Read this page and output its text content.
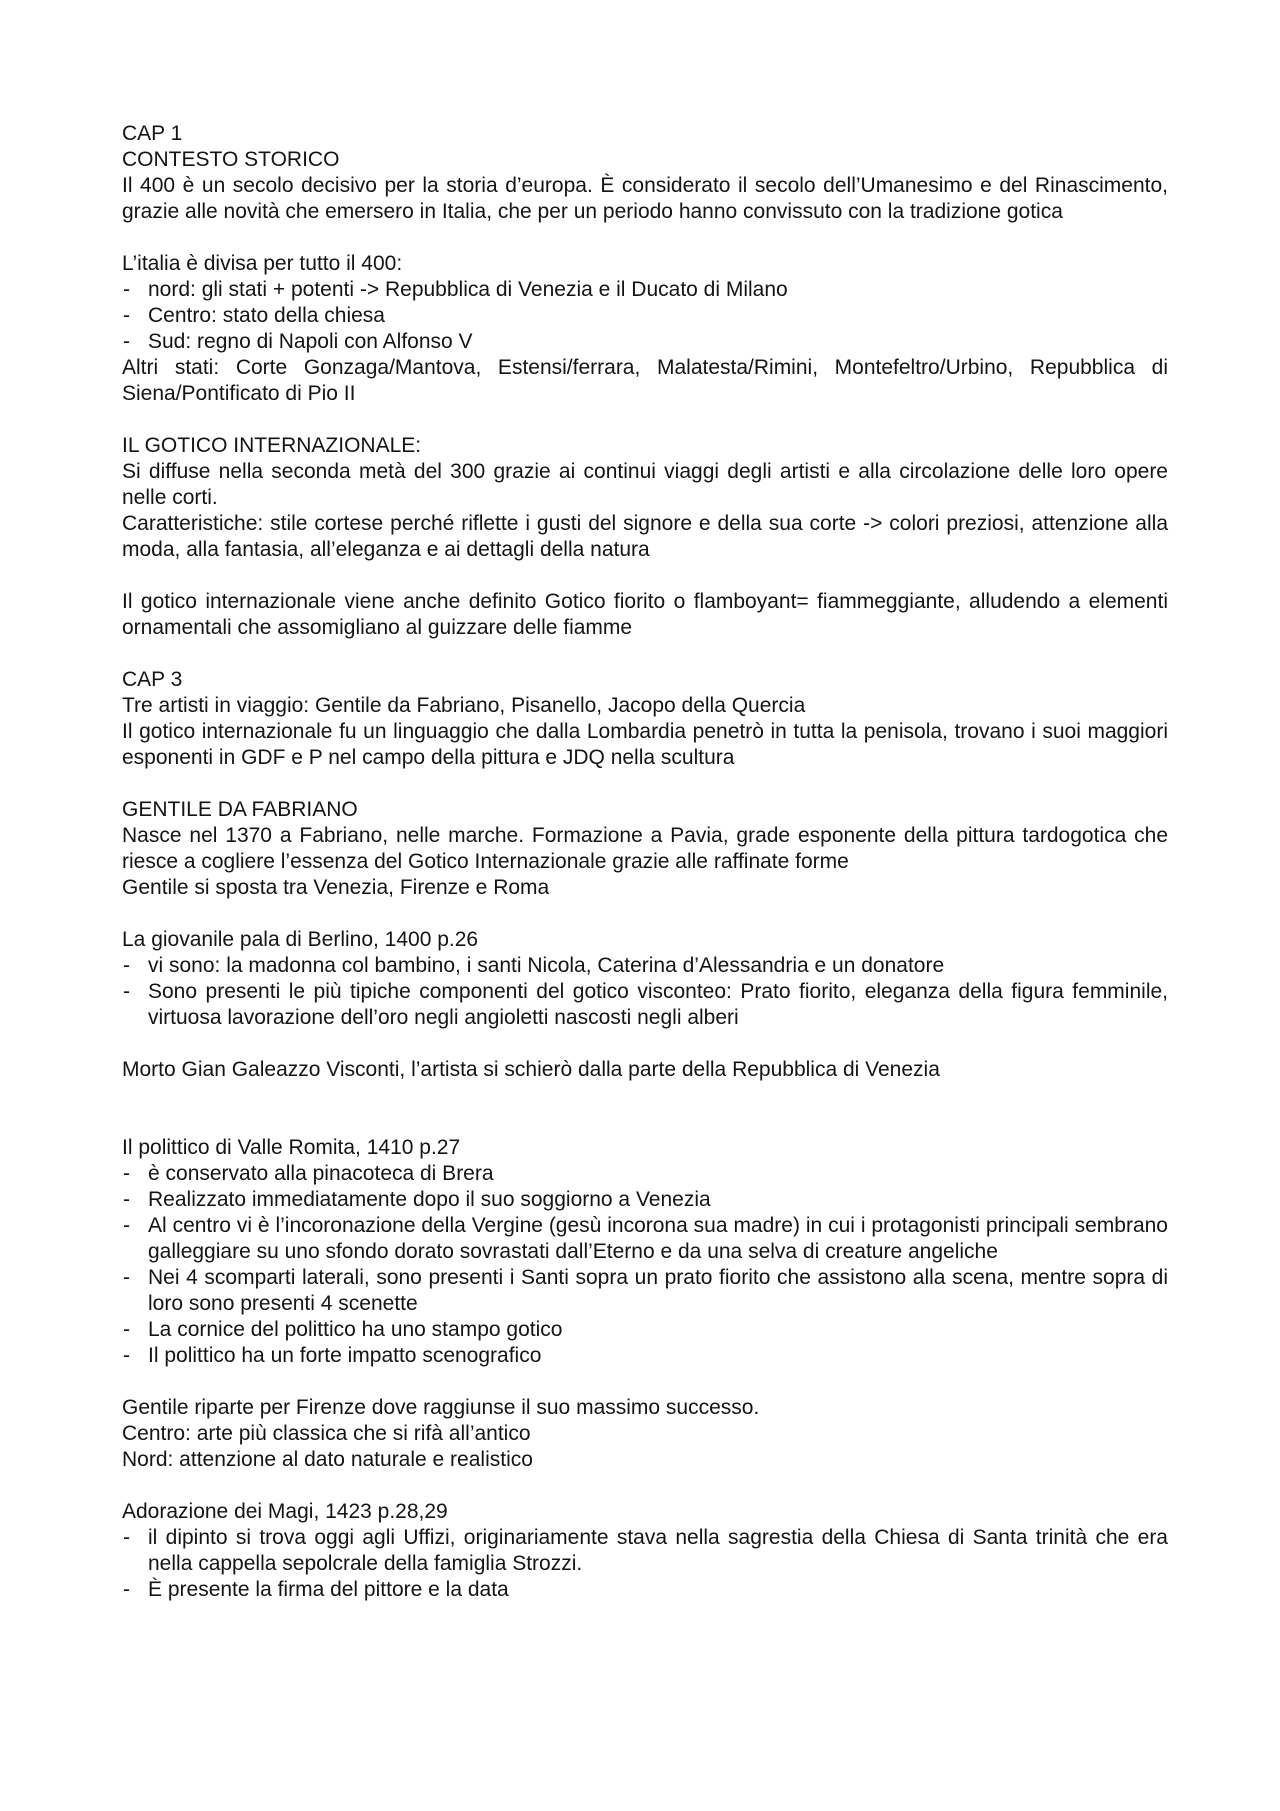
CAP 1
CONTESTO STORICO
Il 400 è un secolo decisivo per la storia d’europa. È considerato il secolo dell’Umanesimo e del Rinascimento, grazie alle novità che emersero in Italia, che per un periodo hanno convissuto con la tradizione gotica
L’italia è divisa per tutto il 400:
- nord: gli stati + potenti -> Repubblica di Venezia e il Ducato di Milano
- Centro: stato della chiesa
- Sud: regno di Napoli con Alfonso V
Altri stati: Corte Gonzaga/Mantova, Estensi/ferrara, Malatesta/Rimini, Montefeltro/Urbino, Repubblica di Siena/Pontificato di Pio II
IL GOTICO INTERNAZIONALE:
Si diffuse nella seconda metà del 300 grazie ai continui viaggi degli artisti e alla circolazione delle loro opere nelle corti.
Caratteristiche: stile cortese perché riflette i gusti del signore e della sua corte -> colori preziosi, attenzione alla moda, alla fantasia, all’eleganza e ai dettagli della natura
Il gotico internazionale viene anche definito Gotico fiorito o flamboyant= fiammeggiante, alludendo a elementi ornamentali che assomigliano al guizzare delle fiamme
CAP 3
Tre artisti in viaggio: Gentile da Fabriano, Pisanello, Jacopo della Quercia
Il gotico internazionale fu un linguaggio che dalla Lombardia penetrò in tutta la penisola, trovano i suoi maggiori esponenti in GDF e P nel campo della pittura e JDQ nella scultura
GENTILE DA FABRIANO
Nasce nel 1370 a Fabriano, nelle marche. Formazione a Pavia, grade esponente della pittura tardogotica che riesce a cogliere l’essenza del Gotico Internazionale grazie alle raffinate forme
Gentile si sposta tra Venezia, Firenze e Roma
La giovanile pala di Berlino, 1400 p.26
- vi sono: la madonna col bambino, i santi Nicola, Caterina d’Alessandria e un donatore
- Sono presenti le più tipiche componenti del gotico visconteo: Prato fiorito, eleganza della figura femminile, virtuosa lavorazione dell’oro negli angioletti nascosti negli alberi
Morto Gian Galeazzo Visconti, l’artista si schierò dalla parte della Repubblica di Venezia
Il polittico di Valle Romita, 1410 p.27
- è conservato alla pinacoteca di Brera
- Realizzato immediatamente dopo il suo soggiorno a Venezia
- Al centro vi è l’incoronazione della Vergine (gesù incorona sua madre) in cui i protagonisti principali sembrano galleggiare su uno sfondo dorato sovrastati dall’Eterno e da una selva di creature angeliche
- Nei 4 scomparti laterali, sono presenti i Santi sopra un prato fiorito che assistono alla scena, mentre sopra di loro sono presenti 4 scenette
- La cornice del polittico ha uno stampo gotico
- Il polittico ha un forte impatto scenografico
Gentile riparte per Firenze dove raggiunse il suo massimo successo.
Centro: arte più classica che si rifà all’antico
Nord: attenzione al dato naturale e realistico
Adorazione dei Magi, 1423 p.28,29
- il dipinto si trova oggi agli Uffizi, originariamente stava nella sagrestia della Chiesa di Santa trinità che era nella cappella sepolcrale della famiglia Strozzi.
- È presente la firma del pittore e la data
